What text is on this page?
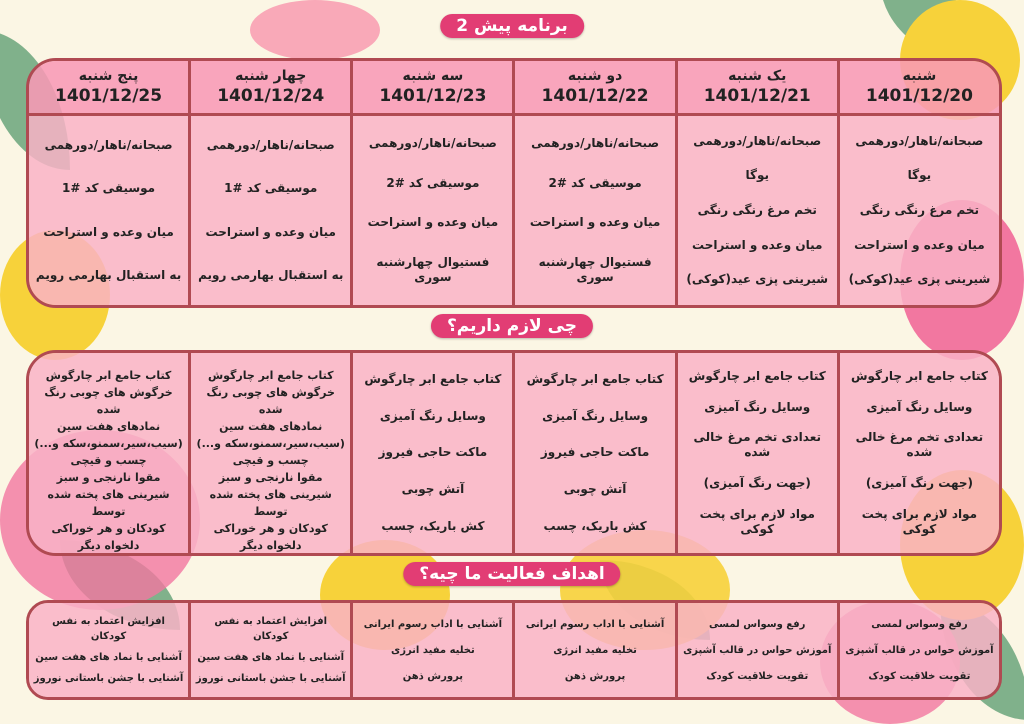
برنامه پیش 2
شنبه
1401/12/20
صبحانه/ناهار/دورهمی
یوگا
تخم مرغ رنگی رنگی
میان وعده و استراحت
شیرینی پزی عید(کوکی)
یک شنبه
1401/12/21
صبحانه/ناهار/دورهمی
یوگا
تخم مرغ رنگی رنگی
میان وعده و استراحت
شیرینی پزی عید(کوکی)
دو شنبه
1401/12/22
صبحانه/ناهار/دورهمی
موسیقی کد #2
میان وعده و استراحت
فستیوال چهارشنبه سوری
سه شنبه
1401/12/23
صبحانه/ناهار/دورهمی
موسیقی کد #2
میان وعده و استراحت
فستیوال چهارشنبه سوری
چهار شنبه
1401/12/24
صبحانه/ناهار/دورهمی
موسیقی کد #1
میان وعده و استراحت
به استقبال بهارمی رویم
پنج شنبه
1401/12/25
صبحانه/ناهار/دورهمی
موسیقی کد #1
میان وعده و استراحت
به استقبال بهارمی رویم
چی لازم داریم؟
کتاب جامع ابر چارگوش
وسایل رنگ آمیزی
تعدادی تخم مرغ خالی شده
(جهت رنگ آمیزی)
مواد لازم برای پخت کوکی
کتاب جامع ابر چارگوش
وسایل رنگ آمیزی
تعدادی تخم مرغ خالی شده
(جهت رنگ آمیزی)
مواد لازم برای پخت کوکی
کتاب جامع ابر چارگوش
وسایل رنگ آمیزی
ماکت حاجی فیروز
آتش چوبی
کش باریک، چسب
کتاب جامع ابر چارگوش
وسایل رنگ آمیزی
ماکت حاجی فیروز
آتش چوبی
کش باریک، چسب
کتاب جامع ابر چارگوش
خرگوش های چوبی رنگ شده
نمادهای هفت سین
(سیب،سیر،سمنو،سکه و...)
چسب و قیچی
مقوا نارنجی و سبز
شیرینی های پخته شده توسط
کودکان و هر خوراکی دلخواه دیگر
کتاب جامع ابر چارگوش
خرگوش های چوبی رنگ شده
نمادهای هفت سین
(سیب،سیر،سمنو،سکه و...)
چسب و قیچی
مقوا نارنجی و سبز
شیرینی های پخته شده توسط
کودکان و هر خوراکی دلخواه دیگر
اهداف فعالیت ما چیه؟
رفع وسواس لمسی
آموزش حواس در قالب آشپزی
تقویت خلاقیت کودک
رفع وسواس لمسی
آموزش حواس در قالب آشپزی
تقویت خلاقیت کودک
آشنایی با اداب رسوم ایرانی
تخلیه مفید انرژی
پرورش ذهن
آشنایی با اداب رسوم ایرانی
تخلیه مفید انرژی
پرورش ذهن
افزایش اعتماد به نفس کودکان
آشنایی با نماد های هفت سین
آشنایی با جشن باستانی نوروز
افزایش اعتماد به نفس کودکان
آشنایی با نماد های هفت سین
آشنایی با جشن باستانی نوروز
